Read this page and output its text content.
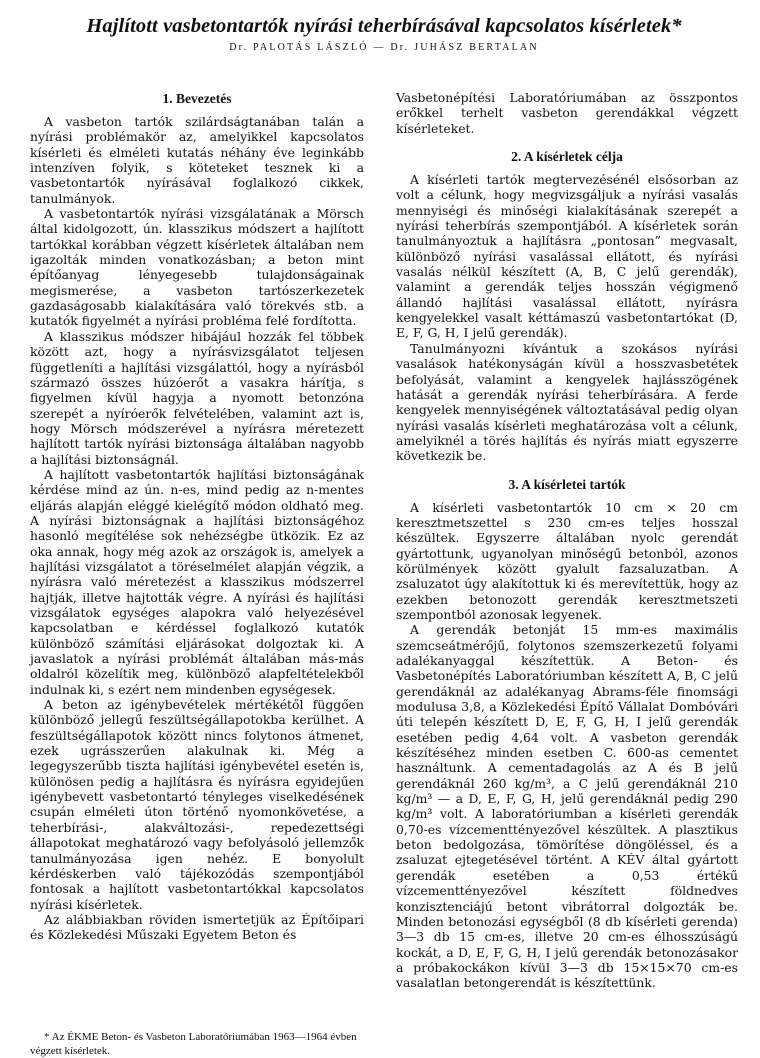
Hajlított vasbetontartók nyírási teherbírásával kapcsolatos kísérletek*
Dr. PALOTÁS LÁSZLÓ — Dr. JUHÁSZ BERTALAN
1. Bevezetés

A vasbeton tartók szilárdságtanában talán a nyírási problémakör az, amelyikkel kapcsolatos kísérleti és elméleti kutatás néhány éve leginkább intenzíven folyik, s köteteket tesznek ki a vasbetontartók nyírásával foglalkozó cikkek, tanulmányok.

A vasbetontartók nyírási vizsgálatának a Mörsch által kidolgozott, ún. klasszikus módszert a hajlított tartókkal korábban végzett kísérletek általában nem igazolták minden vonatkozásban; a beton mint építőanyag lényegesebb tulajdonságainak megismerése, a vasbeton tartószerkezetek gazdaságosabb kialakítására való törekvés stb. a kutatók figyelmét a nyírási probléma felé fordította.

A klasszikus módszer hibájául hozzák fel többek között azt, hogy a nyírásvizsgálatot teljesen függetleníti a hajlítási vizsgálattól, hogy a nyírásból származó összes húzóerőt a vasakra hárítja, s figyelmen kívül hagyja a nyomott betonzóna szerepét a nyíróerők felvételében, valamint azt is, hogy Mörsch módszerével a nyírásra méretezett hajlított tartók nyírási biztonsága általában nagyobb a hajlítási biztonságnál.

A hajlított vasbetontartók hajlítási biztonságának kérdése mind az ún. n-es, mind pedig az n-mentes eljárás alapján eléggé kielégítő módon oldható meg. A nyírási biztonságnak a hajlítási biztonságéhoz hasonló megítélése sok nehézségbe ütközik. Ez az oka annak, hogy még azok az országok is, amelyek a hajlítási vizsgálatot a töréselmélet alapján végzik, a nyírásra való méretezést a klasszikus módszerrel hajtják, illetve hajtották végre. A nyírási és hajlítási vizsgálatok egységes alapokra való helyezésével kapcsolatban e kérdéssel foglalkozó kutatók különböző számítási eljárásokat dolgoztak ki. A javaslatok a nyírási problémát általában más-más oldalról közelítik meg, különböző alapfeltételekből indulnak ki, s ezért nem mindenben egységesek.

A beton az igénybevételek mértékétől függően különböző jellegű feszültségállapotokba kerülhet. A feszültségállapotok között nincs folytonos átmenet, ezek ugrásszerűen alakulnak ki. Még a legegyszerűbb tiszta hajlítási igénybevétel esetén is, különösen pedig a hajlításra és nyírásra egyidejűen igénybevett vasbetontartó tényleges viselkedésének csupán elméleti úton történő nyomonkövetése, a teherbírási-, alakváltozási-, repedezettségi állapotokat meghatározó vagy befolyásoló jellemzők tanulmányozása igen nehéz. E bonyolult kérdéskerben való tájékozódás szempontjából fontosak a hajlított vasbetontartókkal kapcsolatos nyírási kísérletek.

Az alábbiakban röviden ismertetjük az Építőipari és Közlekedési Műszaki Egyetem Beton és

* Az ÉKME Beton- és Vasbeton Laboratóriumában 1963—1964 évben végzett kísérletek.

Vasbetonépítési Laboratóriumában az összpontos erőkkel terhelt vasbeton gerendákkal végzett kísérleteket.

2. A kísérletek célja

A kísérleti tartók megtervezésénél elsősorban az volt a célunk, hogy megvizsgáljuk a nyírási vasalás mennyiségi és minőségi kialakításának szerepét a nyírási teherbírás szempontjából. A kísérletek során tanulmányoztuk a hajlításra „pontosan” megvasalt, különböző nyírási vasalással ellátott, és nyírási vasalás nélkül készített (A, B, C jelű gerendák), valamint a gerendák teljes hosszán végigmenő állandó hajlítási vasalással ellátott, nyírásra kengyelekkel vasalt kéttámaszú vasbetontartókat (D, E, F, G, H, I jelű gerendák).

Tanulmányozni kívántuk a szokásos nyírási vasalások hatékonyságán kívül a hosszvasbetétek befolyását, valamint a kengyelek hajlásszögének hatását a gerendák nyírási teherbírására. A ferde kengyelek mennyiségének változtatásával pedig olyan nyírási vasalás kísérleti meghatározása volt a célunk, amelyiknél a törés hajlítás és nyírás miatt egyszerre következik be.

3. A kísérletei tartók

A kísérleti vasbetontartók 10 cm × 20 cm keresztmetszettel s 230 cm-es teljes hosszal készültek. Egyszerre általában nyolc gerendát gyártottunk, ugyanolyan minőségű betonból, azonos körülmények között gyalult fazsaluzatban. A zsaluzatot úgy alakítottuk ki és merevítettük, hogy az ezekben betonozott gerendák keresztmetszeti szempontból azonosak legyenek.

A gerendák betonját 15 mm-es maximális szemcseátmérőjű, folytonos szemszerkezetű folyami adalékanyaggal készítettük. A Beton- és Vasbetonépítés Laboratóriumban készített A, B, C jelű gerendáknál az adalékanyag Abrams-féle finomsági modulusa 3,8, a Közlekedési Építő Vállalat Dombóvári úti telepén készített D, E, F, G, H, I jelű gerendák esetében pedig 4,64 volt. A vasbeton gerendák készítéséhez minden esetben C. 600-as cementet használtunk. A cementadagolás az A és B jelű gerendáknál 260 kg/m³, a C jelű gerendáknál 210 kg/m³ — a D, E, F, G, H, jelű gerendáknál pedig 290 kg/m³ volt. A laboratóriumban a kísérleti gerendák 0,70-es vízcementtényezővel készültek. A plasztikus beton bedolgozása, tömörítése döngöléssel, és a zsaluzat ejtegetésével történt. A KÉV által gyártott gerendák esetében a 0,53 értékű vízcementtényezővel készített földnedves konzisztenciájú betont vibrátorral dolgozták be. Minden betonozási egységből (8 db kísérleti gerenda) 3—3 db 15 cm-es, illetve 20 cm-es élhosszúságú kockát, a D, E, F, G, H, I jelű gerendák betonozásakor a próbakockákon kívül 3—3 db 15×15×70 cm-es vasalatlan betongerendát is készítettünk.
